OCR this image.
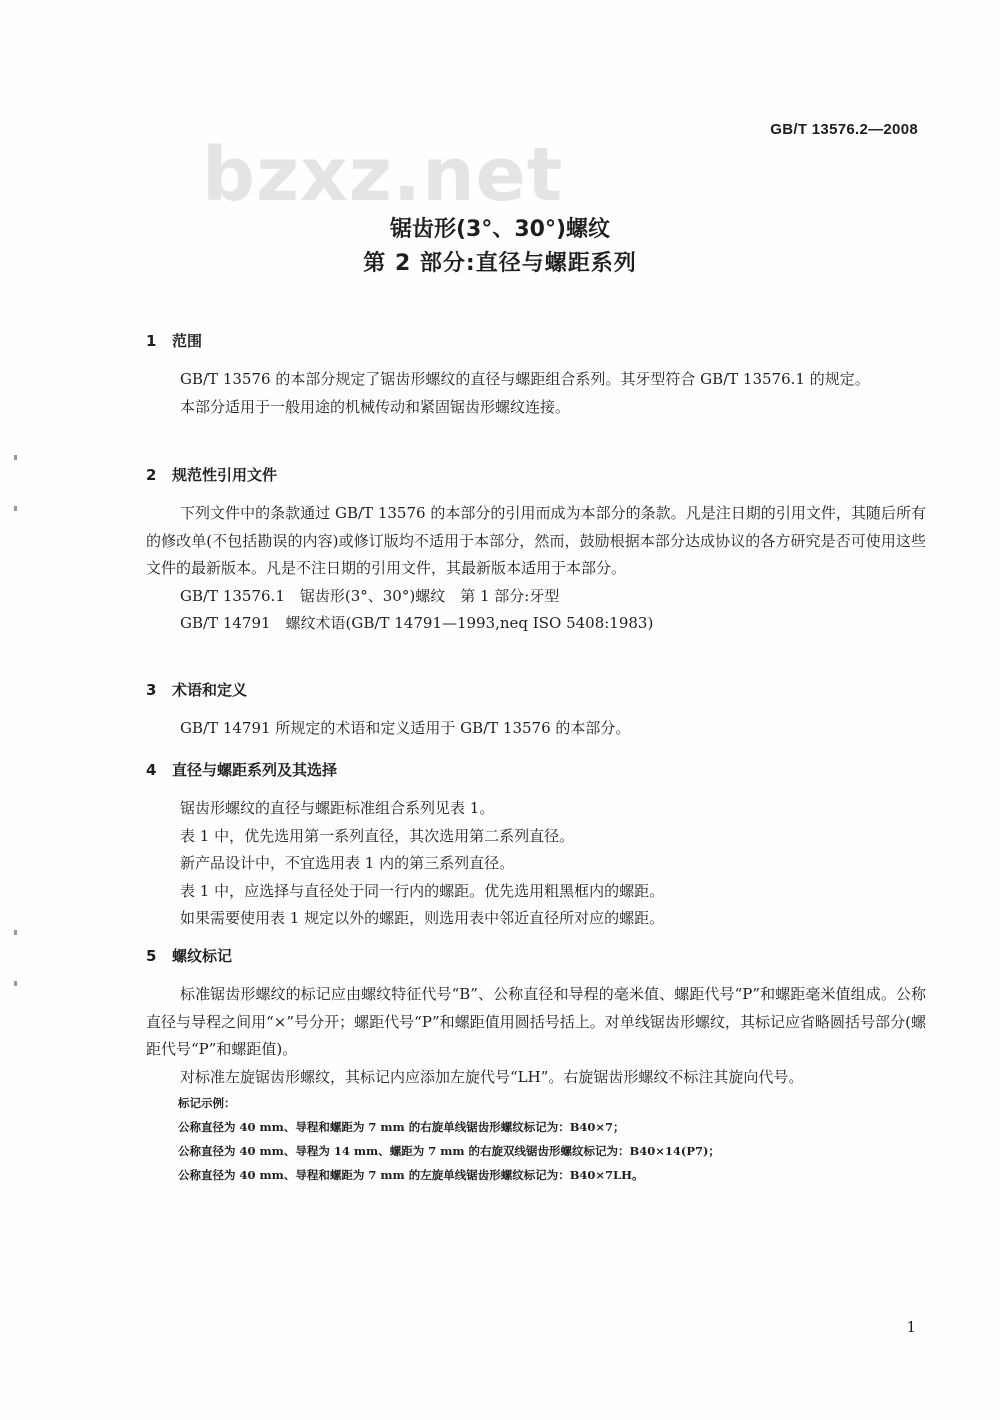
GB/T 13576.2—2008
bzxz.net
锯齿形(3°、30°)螺纹
第 2 部分:直径与螺距系列
1 范围

GB/T 13576 的本部分规定了锯齿形螺纹的直径与螺距组合系列。其牙型符合 GB/T 13576.1 的规定。

本部分适用于一般用途的机械传动和紧固锯齿形螺纹连接。

2 规范性引用文件

下列文件中的条款通过 GB/T 13576 的本部分的引用而成为本部分的条款。凡是注日期的引用文件，其随后所有的修改单(不包括勘误的内容)或修订版均不适用于本部分，然而，鼓励根据本部分达成协议的各方研究是否可使用这些文件的最新版本。凡是不注日期的引用文件，其最新版本适用于本部分。

GB/T 13576.1　锯齿形(3°、30°)螺纹　第 1 部分:牙型

GB/T 14791　螺纹术语(GB/T 14791—1993,neq ISO 5408:1983)

3 术语和定义

GB/T 14791 所规定的术语和定义适用于 GB/T 13576 的本部分。

4 直径与螺距系列及其选择

锯齿形螺纹的直径与螺距标准组合系列见表 1。

表 1 中，优先选用第一系列直径，其次选用第二系列直径。

新产品设计中，不宜选用表 1 内的第三系列直径。

表 1 中，应选择与直径处于同一行内的螺距。优先选用粗黑框内的螺距。

如果需要使用表 1 规定以外的螺距，则选用表中邻近直径所对应的螺距。

5 螺纹标记

标准锯齿形螺纹的标记应由螺纹特征代号“B”、公称直径和导程的毫米值、螺距代号“P”和螺距毫米值组成。公称直径与导程之间用“×”号分开；螺距代号“P”和螺距值用圆括号括上。对单线锯齿形螺纹，其标记应省略圆括号部分(螺距代号“P”和螺距值)。

对标准左旋锯齿形螺纹，其标记内应添加左旋代号“LH”。右旋锯齿形螺纹不标注其旋向代号。

标记示例：

公称直径为 40 mm、导程和螺距为 7 mm 的右旋单线锯齿形螺纹标记为：B40×7；

公称直径为 40 mm、导程为 14 mm、螺距为 7 mm 的右旋双线锯齿形螺纹标记为：B40×14(P7)；

公称直径为 40 mm、导程和螺距为 7 mm 的左旋单线锯齿形螺纹标记为：B40×7LH。

1
